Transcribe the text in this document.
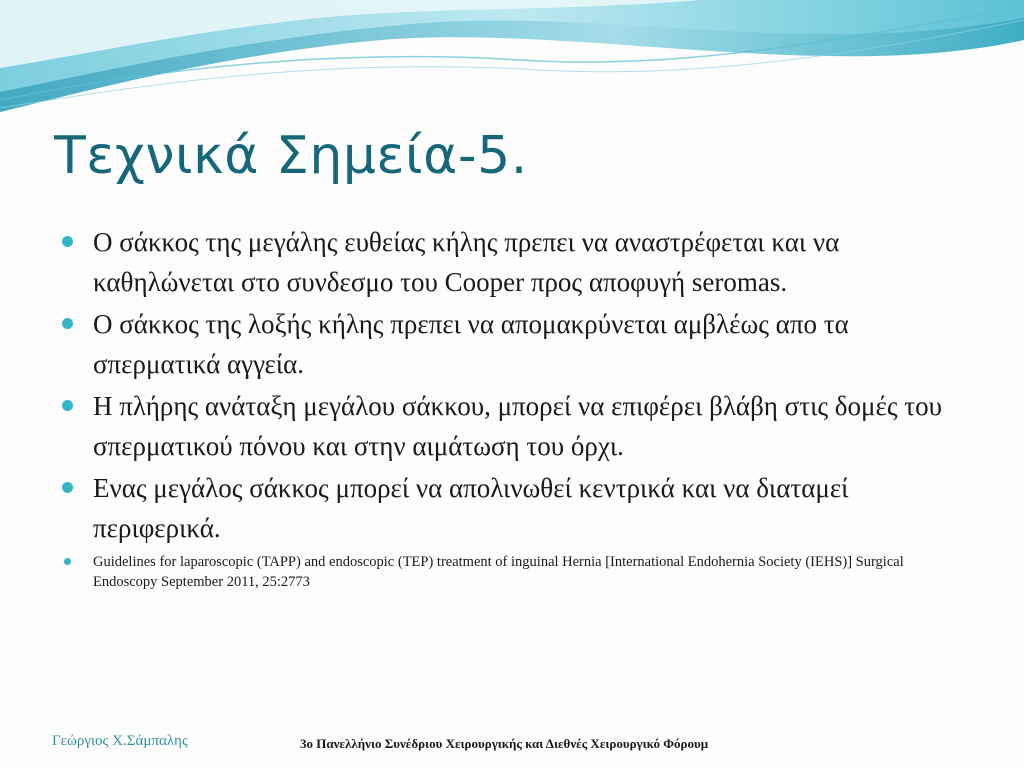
Τεχνικά Σημεία-5.
Ο σάκκος της μεγάλης ευθείας κήλης πρεπει να αναστρέφεται και να καθηλώνεται στο συνδεσμο του Cooper προς αποφυγή seromas.
Ο σάκκος της λοξής κήλης πρεπει να απομακρύνεται αμβλέως απο τα σπερματικά αγγεία.
Η πλήρης ανάταξη μεγάλου σάκκου, μπορεί να επιφέρει βλάβη στις δομές του σπερματικού πόνου και στην αιμάτωση του όρχι.
Ενας μεγάλος σάκκος μπορεί να απολινωθεί κεντρικά και να διαταμεί περιφερικά.
Guidelines for laparoscopic (TAPP) and endoscopic (TEP) treatment of inguinal Hernia [International Endohernia Society (IEHS)] Surgical Endoscopy September 2011, 25:2773
Γεώργιος Χ.Σάμπαλης	3ο Πανελλήνιο Συνέδριου Χειρουργικής και Διεθνές Χειρουργικό Φόρουμ
